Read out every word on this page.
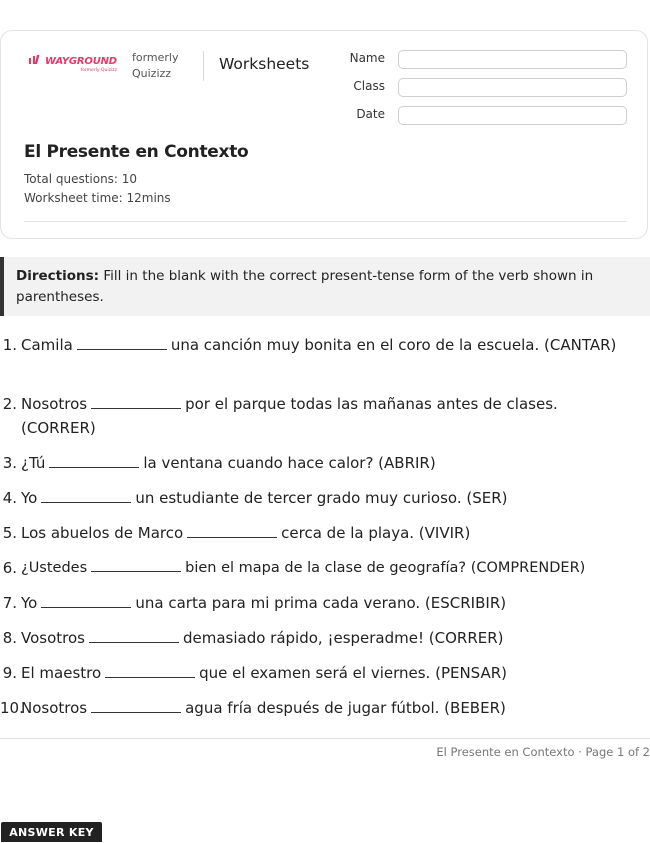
WAYGROUND
formerly Quizizz
formerly
Quizizz
Worksheets	Name
Class
Date
El Presente en Contexto
Total questions: 10
Worksheet time: 12mins
Directions: Fill in the blank with the correct present-tense form of the verb shown in parentheses.
1. Camila	una canción muy bonita en el coro de la escuela. (CANTAR)
2. Nosotros	por el parque todas las mañanas antes de clases. (CORRER)
3. ¿Tú	la ventana cuando hace calor? (ABRIR)
4. Yo	un estudiante de tercer grado muy curioso. (SER)
5. Los abuelos de Marco	cerca de la playa. (VIVIR)
6. ¿Ustedes	bien el mapa de la clase de geografía? (COMPRENDER)
7. Yo	una carta para mi prima cada verano. (ESCRIBIR)
8. Vosotros	demasiado rápido, ¡esperadme! (CORRER)
9. El maestro	que el examen será el viernes. (PENSAR)
10.
Nosotros	agua fría después de jugar fútbol. (BEBER)
El Presente en Contexto · Page 1 of 2
ANSWER KEY
